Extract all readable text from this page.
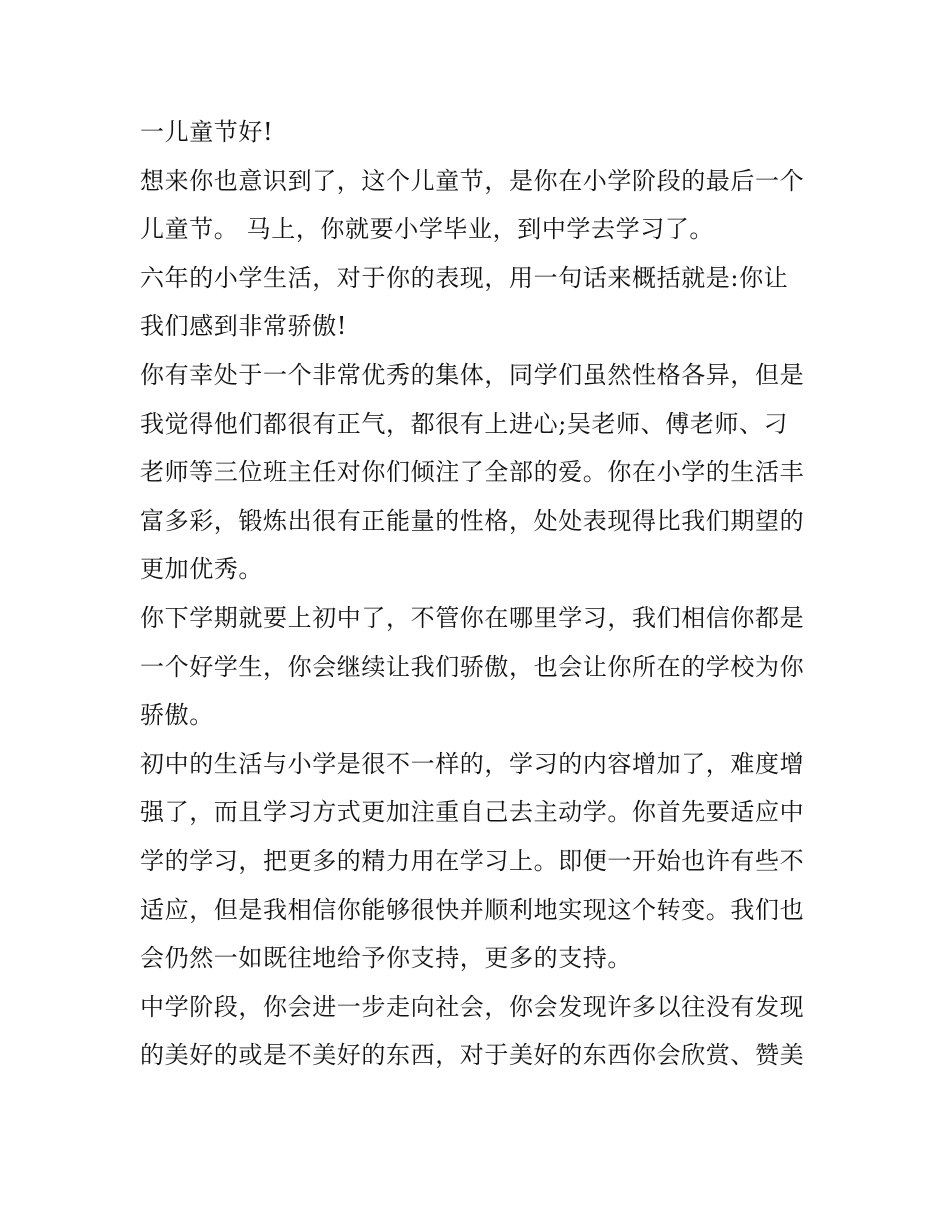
一儿童节好!
想来你也意识到了，这个儿童节，是你在小学阶段的最后一个
儿童节。 马上，你就要小学毕业，到中学去学习了。
六年的小学生活，对于你的表现，用一句话来概括就是:你让
我们感到非常骄傲!
你有幸处于一个非常优秀的集体，同学们虽然性格各异，但是
我觉得他们都很有正气，都很有上进心;吴老师、傅老师、刁
老师等三位班主任对你们倾注了全部的爱。你在小学的生活丰
富多彩，锻炼出很有正能量的性格，处处表现得比我们期望的
更加优秀。
你下学期就要上初中了，不管你在哪里学习，我们相信你都是
一个好学生，你会继续让我们骄傲，也会让你所在的学校为你
骄傲。
初中的生活与小学是很不一样的，学习的内容增加了，难度增
强了，而且学习方式更加注重自己去主动学。你首先要适应中
学的学习，把更多的精力用在学习上。即便一开始也许有些不
适应，但是我相信你能够很快并顺利地实现这个转变。我们也
会仍然一如既往地给予你支持，更多的支持。
中学阶段，你会进一步走向社会，你会发现许多以往没有发现
的美好的或是不美好的东西，对于美好的东西你会欣赏、赞美
